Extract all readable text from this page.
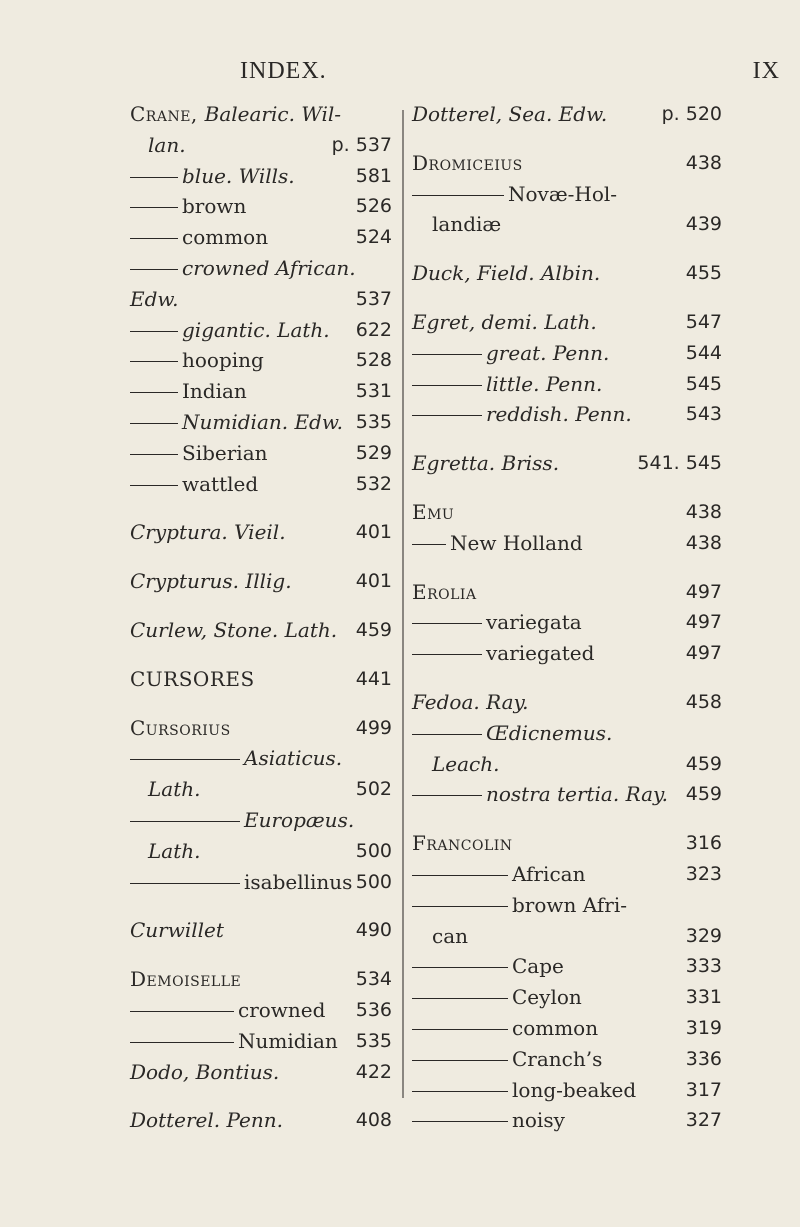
INDEX.	IX
Crane, Balearic. Wil-
lan.	p. 537
blue. Wills.	581
brown	526
common	524
crowned African.
Edw.	537
gigantic. Lath. 622
hooping	528
Indian	531
Numidian. Edw. 535
Siberian	529
wattled	532
Cryptura. Vieil.	401
Crypturus. Illig.	401
Curlew, Stone. Lath. 459
CURSORES	441
Cursorius	499
Asiaticus.
Lath.	502
Europæus.
Lath.	500
isabellinus 500
Curwillet	490
Demoiselle	534
crowned 536
Numidian 535
Dodo, Bontius.	422
Dotterel. Penn.	408
Dotterel, Sea. Edw.	p. 520
Dromiceius	438
Novæ-Hol-
landiæ	439
Duck, Field. Albin.	455
Egret, demi. Lath.	547
great. Penn.	544
little. Penn.	545
reddish. Penn.	543
Egretta. Briss.	541. 545
Emu	438
New Holland	438
Erolia	497
variegata	497
variegated	497
Fedoa. Ray.	458
Œdicnemus.
Leach.	459
nostra tertia. Ray. 459
Francolin	316
African	323
brown Afri-
can	329
Cape	333
Ceylon	331
common	319
Cranch’s	336
long-beaked	317
noisy	327
